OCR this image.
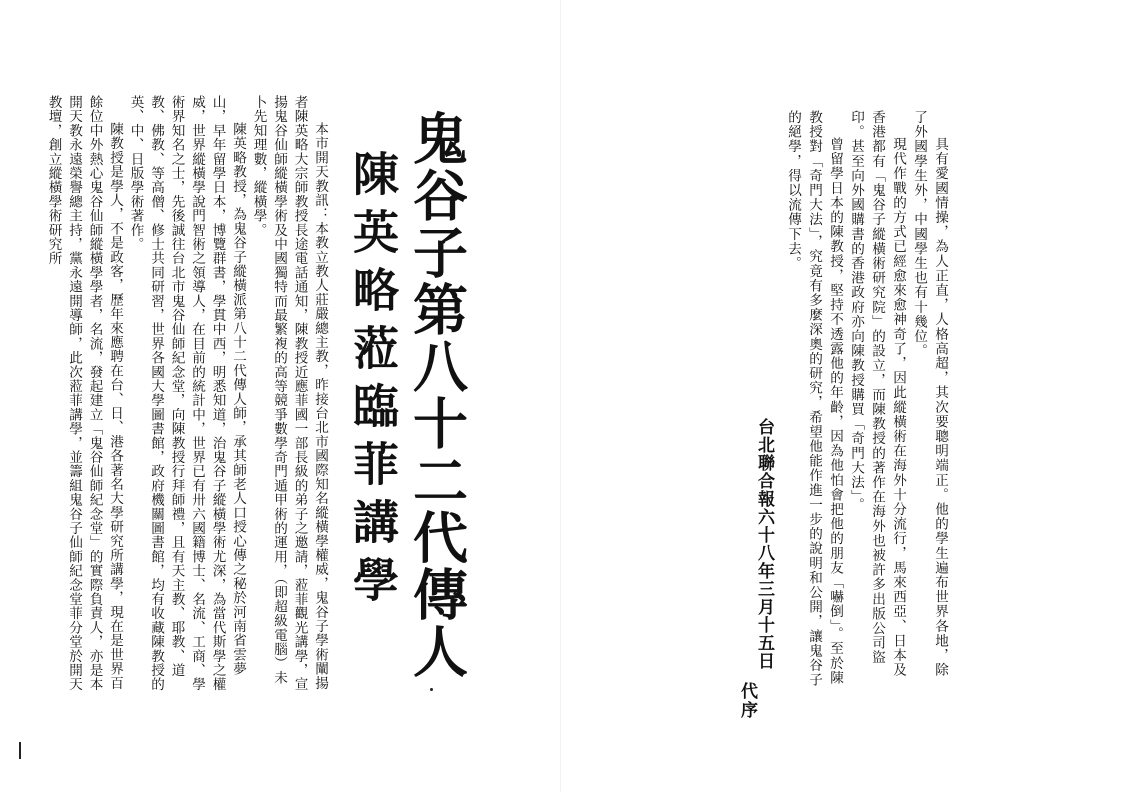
鬼谷子第八十二代傳人
陳英略蒞臨菲講學

本市開天教訊：本教立教人莊嚴總主教，昨接台北市國際知名縱橫學權威，鬼谷子學術闡揚者陳英略大宗師教授長途電話通知，陳教授近應菲國一部長級的弟子之邀請，蒞菲觀光講學，宣揚鬼谷仙師縱橫學術及中國獨特而最繁複的高等競爭數學奇門遁甲術的運用，（即超級電腦）未卜先知理數，縱橫學。

陳英略教授，為鬼谷子縱橫派第八十二代傳人師，承其師老人口授心傳之秘於河南省雲夢山，早年留學日本，博覽群書，學貫中西，明悉知道，治鬼谷子縱橫學術尤深，為當代斯學之權威，世界縱橫學說門智術之領導人，在目前的統計中，世界已有卅六國籍博士、名流、工商、學術界知名之士，先後誠往台北市鬼谷仙師紀念堂，向陳教授行拜師禮，且有天主教、耶教、道教、佛教、等高僧、修士共同研習，世界各國大學圖書館，政府機關圖書館，均有收藏陳教授的英、中、日版學術著作。

陳教授是學人，不是政客，歷年來應聘在台、日、港各著名大學研究所講學，現在是世界百餘位中外熱心鬼谷仙師縱橫學學者，名流，發起建立「鬼谷仙師紀念堂」的實際負責人，亦是本開天教永遠榮譽總主持，黨永遠開導師，此次蒞菲講學，並籌組鬼谷子仙師紀念堂菲分堂於開天教壇，創立縱橫學術研究所	具有愛國情操，為人正直，人格高超，其次要聰明端正。他的學生遍布世界各地，除了外國學生外，中國學生也有十幾位。

現代作戰的方式已經愈來愈神奇了，因此縱橫術在海外十分流行，馬來西亞、日本及香港都有「鬼谷子縱橫術研究院」的設立，而陳教授的著作在海外也被許多出版公司盜印。甚至向外國購書的香港政府亦向陳教授購買「奇門大法」。

曾留學日本的陳教授，堅持不透露他的年齡，因為他怕會把他的朋友「嚇倒」。至於陳教授對「奇門大法」，究竟有多麼深奧的研究，希望他能作進一步的說明和公開，讓鬼谷子的絕學，得以流傳下去。

台北聯合報六十八年三月十五日
代序
